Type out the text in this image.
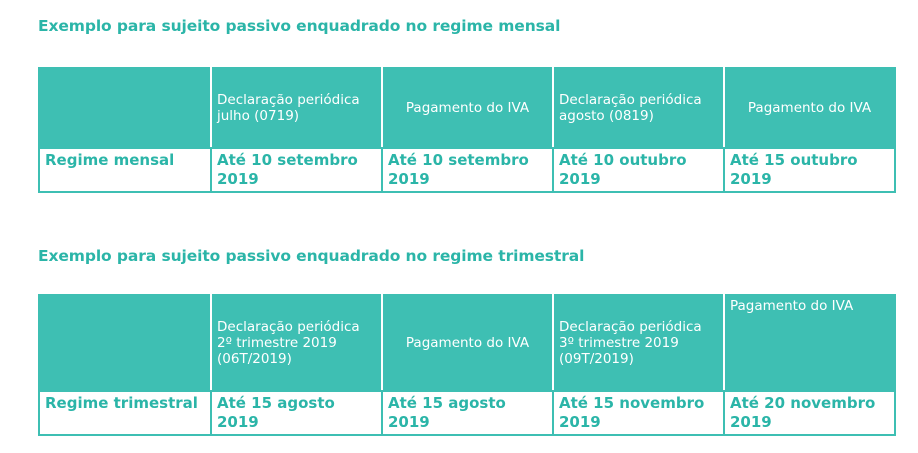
Exemplo para sujeito passivo enquadrado no regime mensal
	Declaração periódica julho (0719)	Pagamento do IVA	Declaração periódica agosto (0819)	Pagamento do IVA
Regime mensal	Até 10 setembro 2019	Até 10 setembro 2019	Até 10 outubro 2019	Até 15 outubro 2019
Exemplo para sujeito passivo enquadrado no regime trimestral
	Declaração periódica 2º trimestre 2019 (06T/2019)	Pagamento do IVA	Declaração periódica 3º trimestre 2019 (09T/2019)	Pagamento do IVA
Regime trimestral	Até 15 agosto 2019	Até 15 agosto 2019	Até 15 novembro 2019	Até 20 novembro 2019
